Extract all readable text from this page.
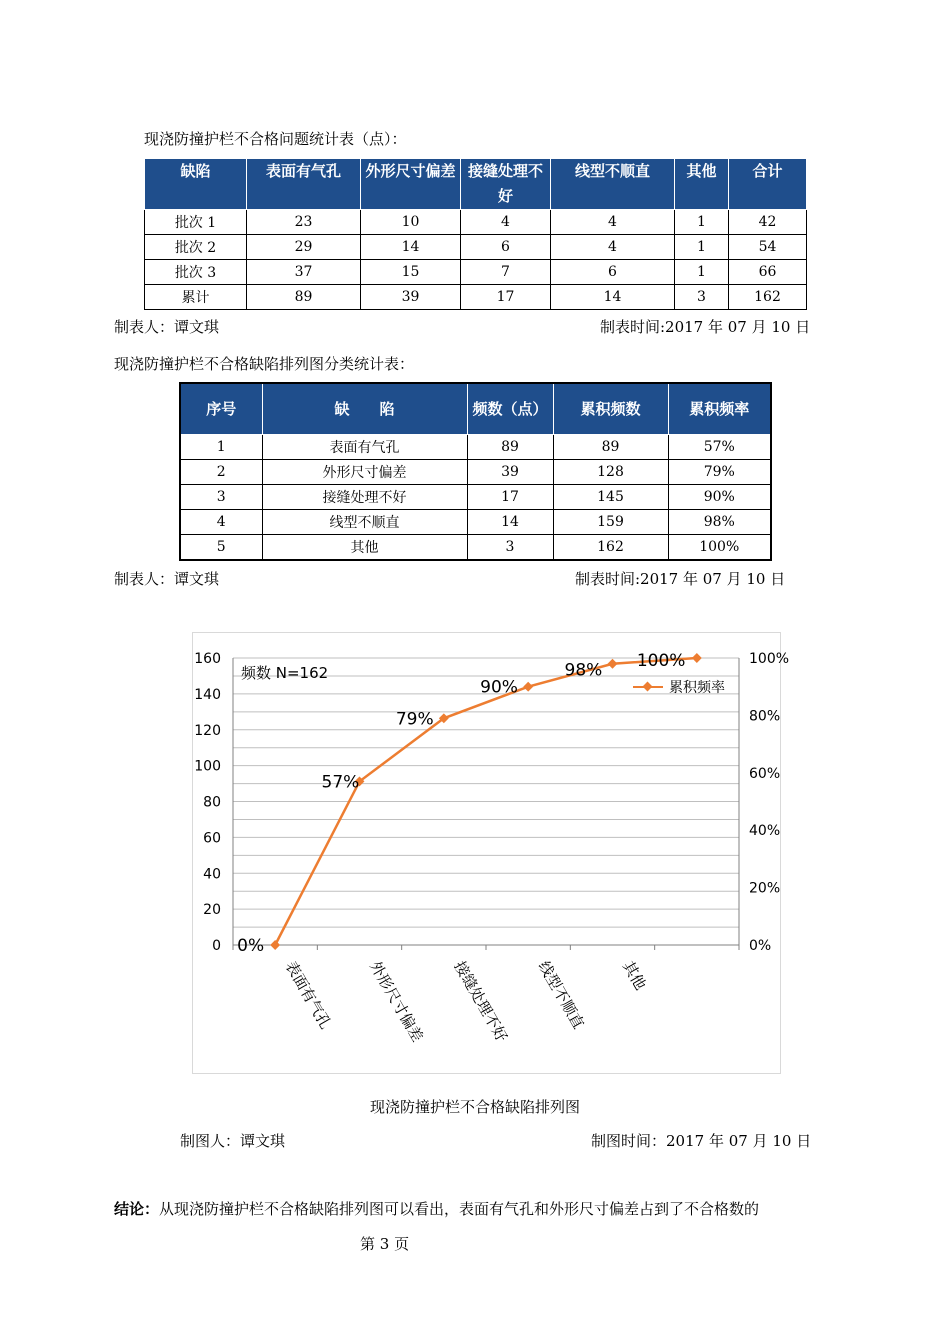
现浇防撞护栏不合格问题统计表（点）：
缺陷	表面有气孔	外形尺寸偏差	接缝处理不好	线型不顺直	其他	合计
批次 1	23	10	4	4	1	42
批次 2	29	14	6	4	1	54
批次 3	37	15	7	6	1	66
累计	89	39	17	14	3	162
制表人：谭文琪	制表时间:2017 年 07 月 10 日
现浇防撞护栏不合格缺陷排列图分类统计表：
序号	缺　　陷	频数（点）	累积频数	累积频率
1	表面有气孔	89	89	57%
2	外形尺寸偏差	39	128	79%
3	接缝处理不好	17	145	90%
4	线型不顺直	14	159	98%
5	其他	3	162	100%
制表人：谭文琪	制表时间:2017 年 07 月 10 日
0
20
40
60
80
100
120
140
160
0%
20%
40%
60%
80%
100%
表面有气孔 外形尺寸偏差 接缝处理不好 线型不顺直 其他
0%
57%
79%
90%
98% 100%
频数 N=162
累积频率
现浇防撞护栏不合格缺陷排列图
制图人：谭文琪	制图时间：2017 年 07 月 10 日
结论：从现浇防撞护栏不合格缺陷排列图可以看出，表面有气孔和外形尺寸偏差占到了不合格数的
第 3 页
